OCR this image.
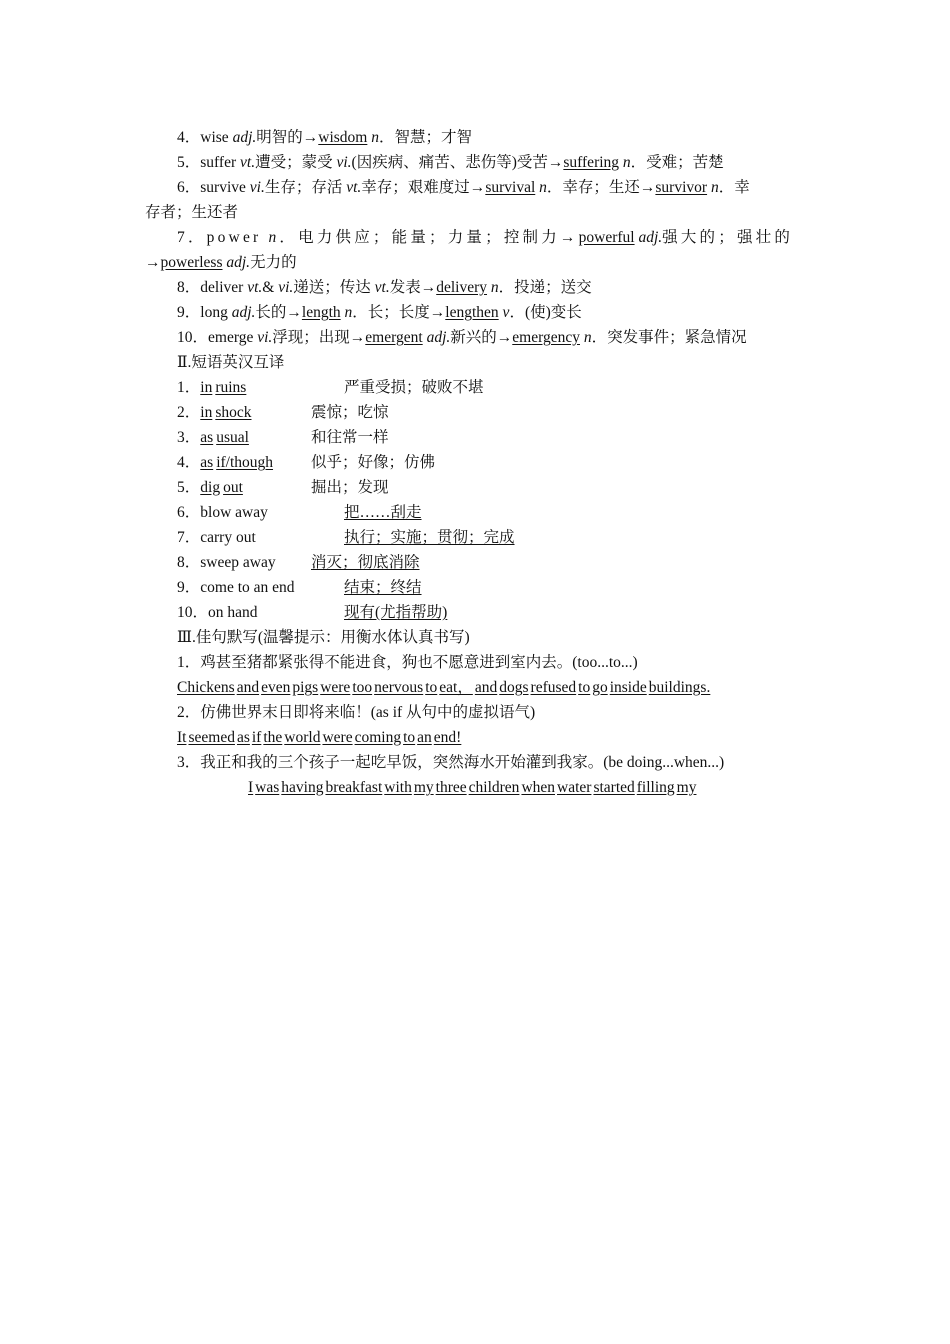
4．wise adj.明智的→wisdom n．智慧；才智
5．suffer vt.遭受；蒙受 vi.(因疾病、痛苦、悲伤等)受苦→suffering n．受难；苦楚
6．survive vi.生存；存活 vt.幸存；艰难度过→survival n．幸存；生还→survivor n．幸
存者；生还者
7．power n．电力供应；能量；力量；控制力→powerful adj.强大的；强壮的
→powerless adj.无力的
8．deliver vt.& vi.递送；传达 vt.发表→delivery n．投递；送交
9．long adj.长的→length n．长；长度→lengthen v．(使)变长
10．emerge vi.浮现；出现→emergent adj.新兴的→emergency n．突发事件；紧急情况
Ⅱ.短语英汉互译
1．in ruins	严重受损；破败不堪
2．in shock	震惊；吃惊
3．as usual	和往常一样
4．as if/though 似乎；好像；仿佛
5．dig out	掘出；发现
6．blow away	把……刮走
7．carry out	执行；实施；贯彻；完成
8．sweep away 消灭；彻底消除
9．come to an end	结束；终结
10．on hand	现有(尤指帮助)
Ⅲ.佳句默写(温馨提示：用衡水体认真书写)
1．鸡甚至猪都紧张得不能进食，狗也不愿意进到室内去。(too...to...)
Chickens and even pigs were too nervous to eat， and dogs refused to go inside buildings.
2．仿佛世界末日即将来临！(as if 从句中的虚拟语气)
It seemed as if the world were coming to an end!
3．我正和我的三个孩子一起吃早饭，突然海水开始灌到我家。(be doing...when...)
I was having breakfast with my three children when water started filling my
